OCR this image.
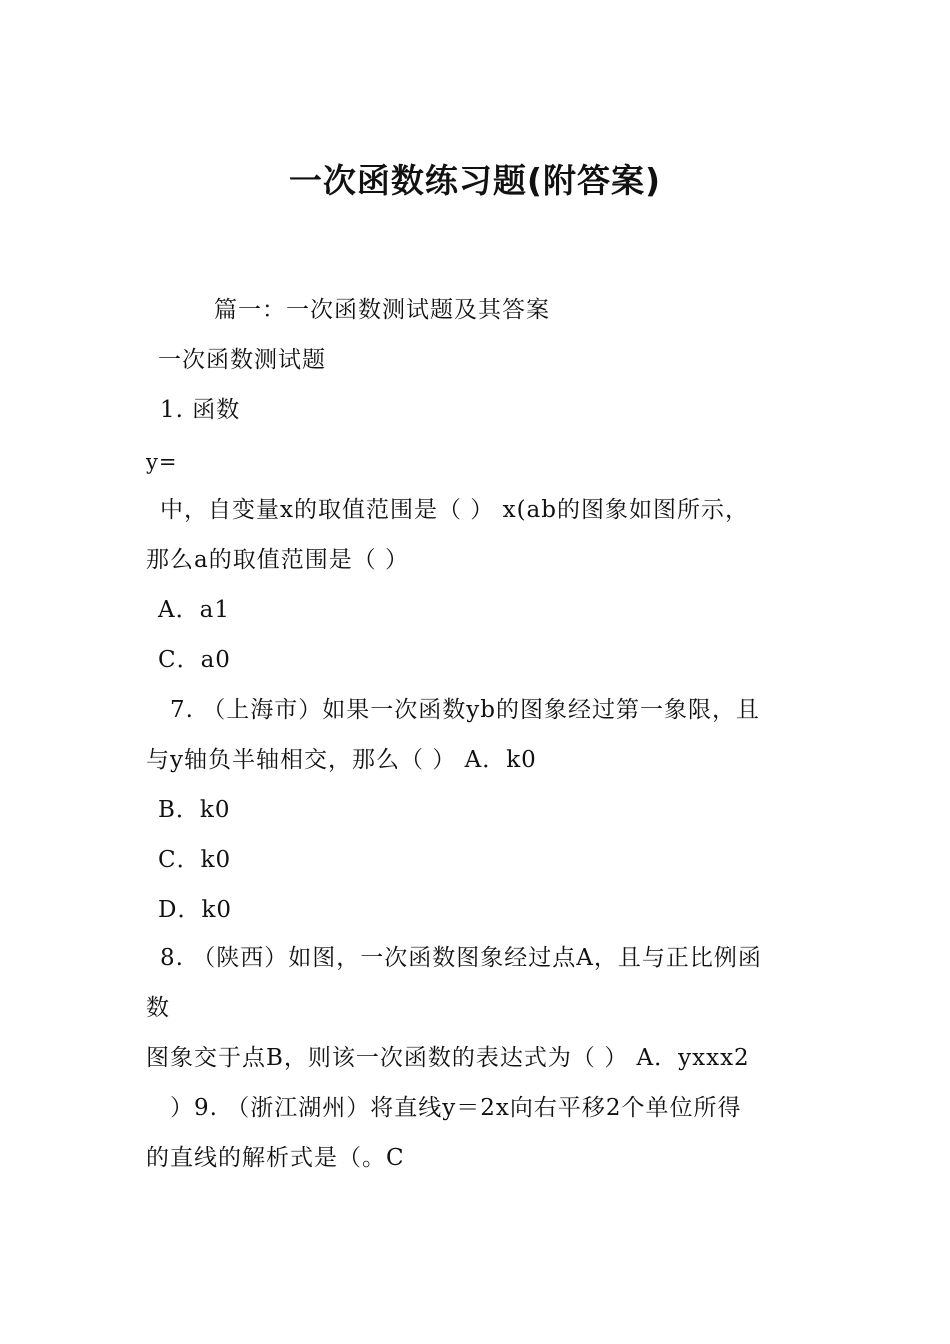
一次函数练习题(附答案)
篇一：一次函数测试题及其答案
一次函数测试题
1. 函数
y=
中，自变量x的取值范围是（ ） x(ab的图象如图所示，
那么a的取值范围是（ ）
A．a1
C．a0
7. （上海市）如果一次函数yb的图象经过第一象限，且
与y轴负半轴相交，那么（ ） A．k0
B．k0
C．k0
D．k0
8. （陕西）如图，一次函数图象经过点A，且与正比例函
数
图象交于点B，则该一次函数的表达式为（ ） A．yxxx2
）9. （浙江湖州）将直线y＝2x向右平移2个单位所得
的直线的解析式是（。C
